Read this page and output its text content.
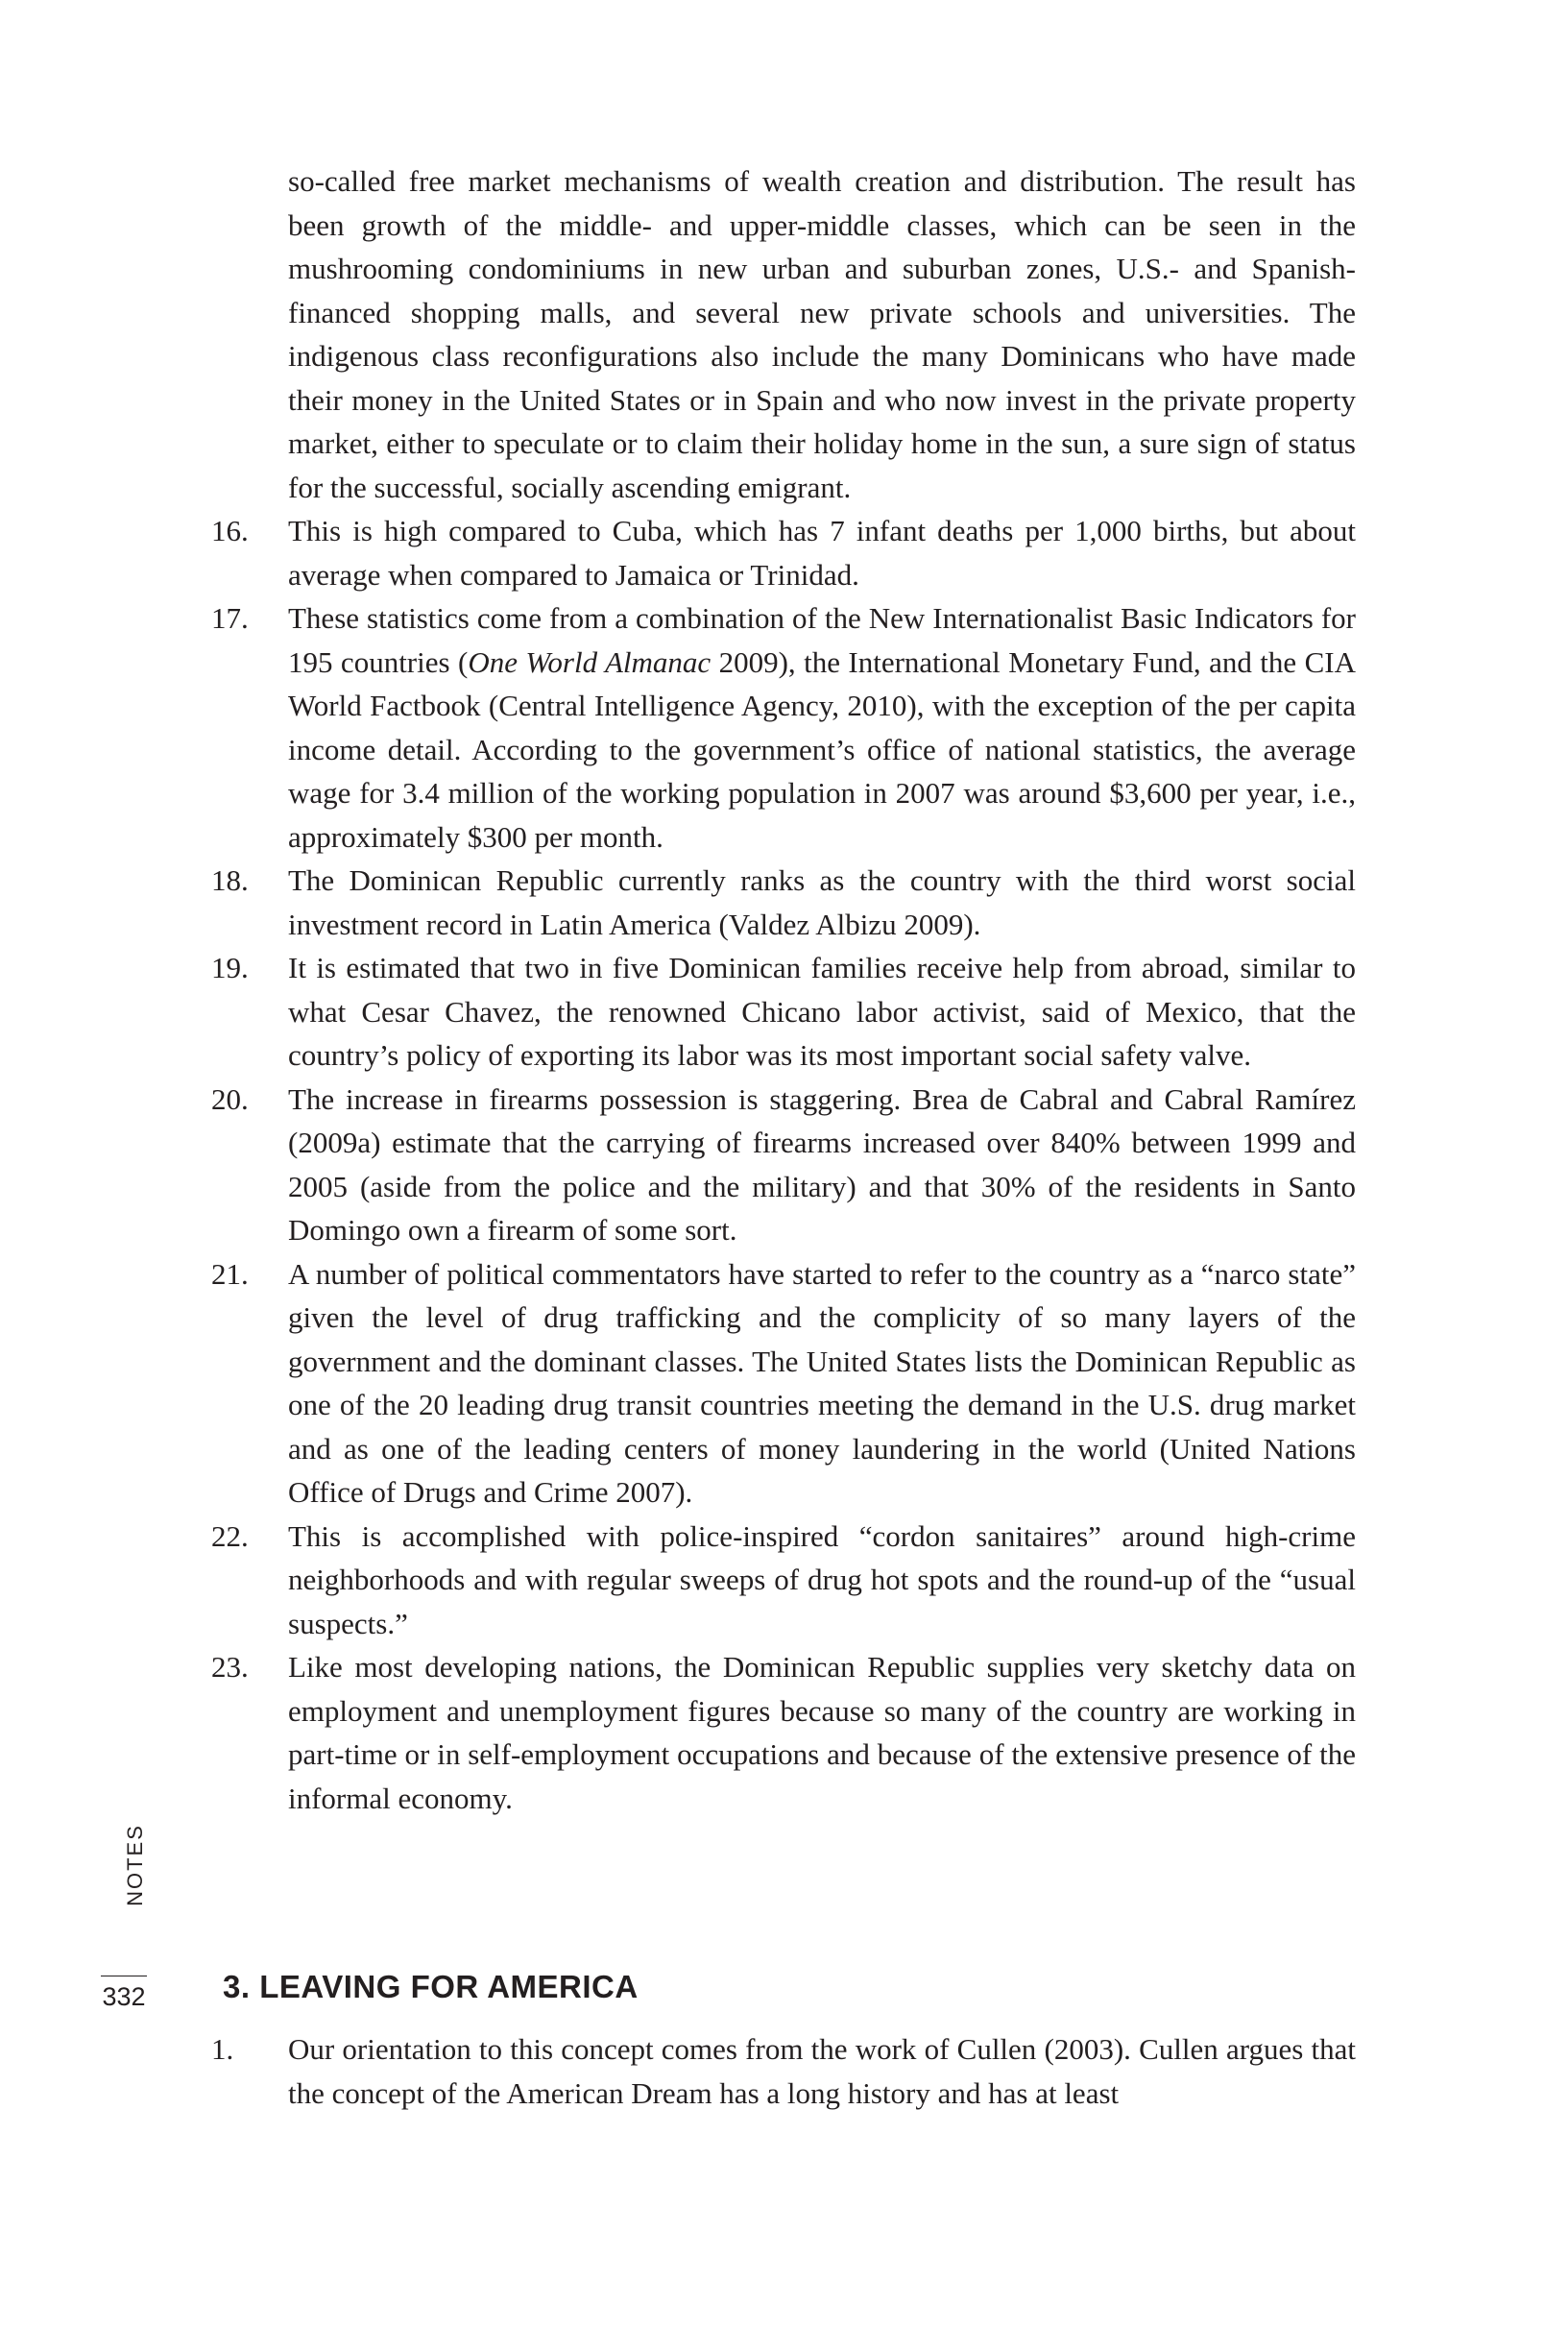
so-called free market mechanisms of wealth creation and distribution. The result has been growth of the middle- and upper-middle classes, which can be seen in the mushrooming condominiums in new urban and suburban zones, U.S.- and Spanish-financed shopping malls, and several new private schools and universities. The indigenous class reconfigurations also include the many Dominicans who have made their money in the United States or in Spain and who now invest in the private property market, either to speculate or to claim their holiday home in the sun, a sure sign of status for the successful, socially ascending emigrant.

16.	This is high compared to Cuba, which has 7 infant deaths per 1,000 births, but about average when compared to Jamaica or Trinidad.
17.	These statistics come from a combination of the New Internationalist Basic Indicators for 195 countries (One World Almanac 2009), the International Monetary Fund, and the CIA World Factbook (Central Intelligence Agency, 2010), with the exception of the per capita income detail. According to the government’s office of national statistics, the average wage for 3.4 million of the working population in 2007 was around $3,600 per year, i.e., approximately $300 per month.
18.	The Dominican Republic currently ranks as the country with the third worst social investment record in Latin America (Valdez Albizu 2009).
19.	It is estimated that two in five Dominican families receive help from abroad, similar to what Cesar Chavez, the renowned Chicano labor activist, said of Mexico, that the country’s policy of exporting its labor was its most important social safety valve.
20.	The increase in firearms possession is staggering. Brea de Cabral and Cabral Ramírez (2009a) estimate that the carrying of firearms increased over 840% between 1999 and 2005 (aside from the police and the military) and that 30% of the residents in Santo Domingo own a firearm of some sort.
21.	A number of political commentators have started to refer to the country as a “narco state” given the level of drug trafficking and the complicity of so many layers of the government and the dominant classes. The United States lists the Dominican Republic as one of the 20 leading drug transit countries meeting the demand in the U.S. drug market and as one of the leading centers of money laundering in the world (United Nations Office of Drugs and Crime 2007).
22.	This is accomplished with police-inspired “cordon sanitaires” around high-crime neighborhoods and with regular sweeps of drug hot spots and the round-up of the “usual suspects.”
23.	Like most developing nations, the Dominican Republic supplies very sketchy data on employment and unemployment figures because so many of the country are working in part-time or in self-employment occupations and because of the extensive presence of the informal economy.
NOTES
332 3. LEAVING FOR AMERICA
1.	Our orientation to this concept comes from the work of Cullen (2003). Cullen argues that the concept of the American Dream has a long history and has at least
